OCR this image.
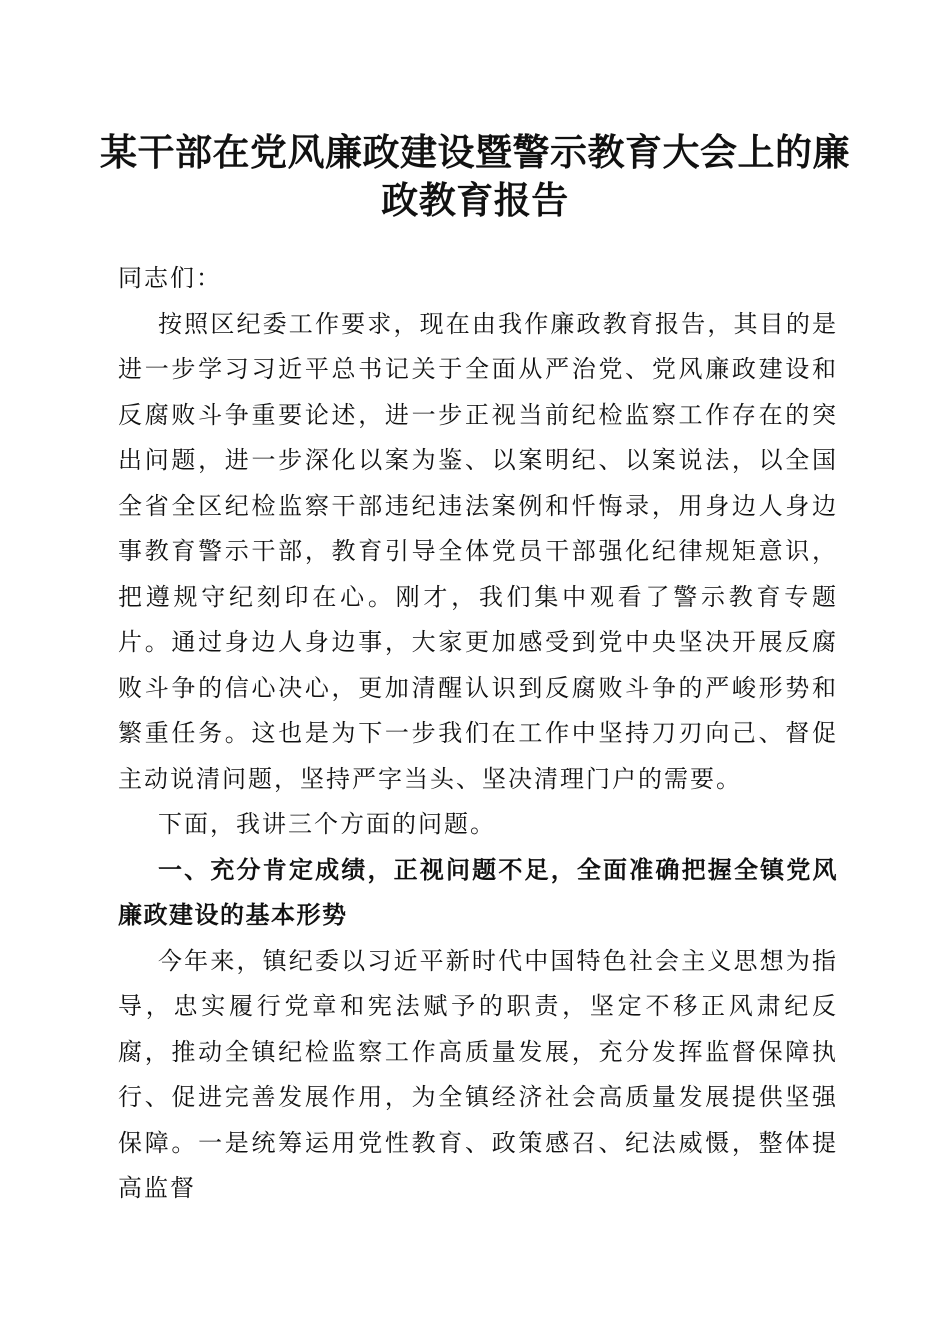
某干部在党风廉政建设暨警示教育大会上的廉
政教育报告

同志们：

按照区纪委工作要求，现在由我作廉政教育报告，其目的是进一步学习习近平总书记关于全面从严治党、党风廉政建设和反腐败斗争重要论述，进一步正视当前纪检监察工作存在的突出问题，进一步深化以案为鉴、以案明纪、以案说法，以全国全省全区纪检监察干部违纪违法案例和忏悔录，用身边人身边事教育警示干部，教育引导全体党员干部强化纪律规矩意识，把遵规守纪刻印在心。刚才，我们集中观看了警示教育专题片。通过身边人身边事，大家更加感受到党中央坚决开展反腐败斗争的信心决心，更加清醒认识到反腐败斗争的严峻形势和繁重任务。这也是为下一步我们在工作中坚持刀刃向己、督促主动说清问题，坚持严字当头、坚决清理门户的需要。

下面，我讲三个方面的问题。

一、充分肯定成绩，正视问题不足，全面准确把握全镇党风廉政建设的基本形势

今年来，镇纪委以习近平新时代中国特色社会主义思想为指导，忠实履行党章和宪法赋予的职责，坚定不移正风肃纪反腐，推动全镇纪检监察工作高质量发展，充分发挥监督保障执行、促进完善发展作用，为全镇经济社会高质量发展提供坚强保障。一是统筹运用党性教育、政策感召、纪法威慑，整体提高监督
